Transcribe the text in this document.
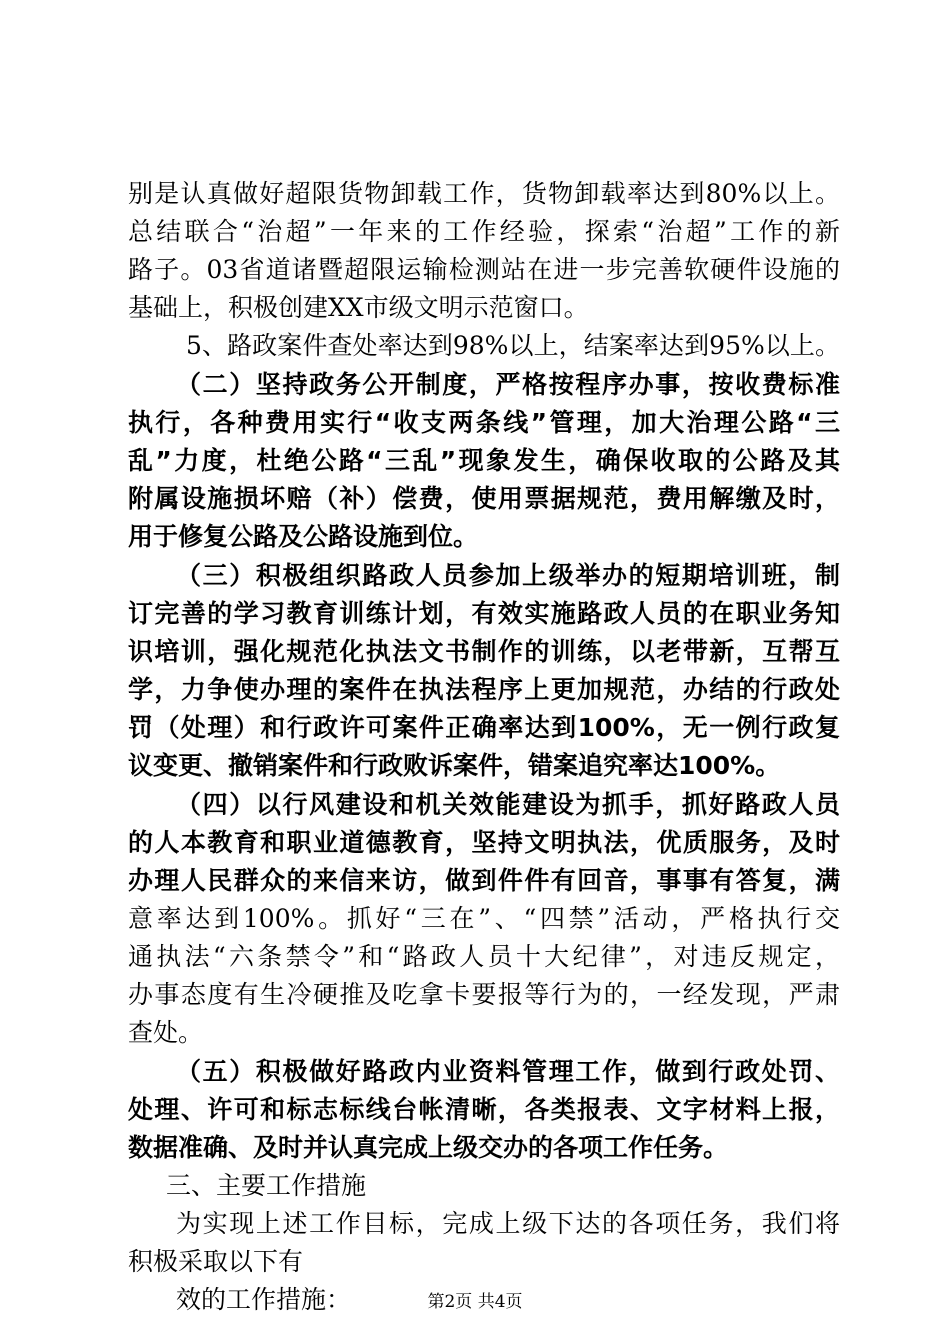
别是认真做好超限货物卸载工作，货物卸载率达到80%以上。
总结联合“治超”一年来的工作经验，探索“治超”工作的新
路子。03省道诸暨超限运输检测站在进一步完善软硬件设施的
基础上，积极创建XX市级文明示范窗口。
5、路政案件查处率达到98%以上，结案率达到95%以上。
（二）坚持政务公开制度，严格按程序办事，按收费标准
执行，各种费用实行“收支两条线”管理，加大治理公路“三
乱”力度，杜绝公路“三乱”现象发生，确保收取的公路及其
附属设施损坏赔（补）偿费，使用票据规范，费用解缴及时，
用于修复公路及公路设施到位。
（三）积极组织路政人员参加上级举办的短期培训班，制
订完善的学习教育训练计划，有效实施路政人员的在职业务知
识培训，强化规范化执法文书制作的训练，以老带新，互帮互
学，力争使办理的案件在执法程序上更加规范，办结的行政处
罚（处理）和行政许可案件正确率达到100%，无一例行政复
议变更、撤销案件和行政败诉案件，错案追究率达100%。
（四）以行风建设和机关效能建设为抓手，抓好路政人员
的人本教育和职业道德教育，坚持文明执法，优质服务，及时
办理人民群众的来信来访，做到件件有回音，事事有答复，满
意率达到100%。抓好“三在”、“四禁”活动，严格执行交
通执法“六条禁令”和“路政人员十大纪律”，对违反规定，
办事态度有生冷硬推及吃拿卡要报等行为的，一经发现，严肃
查处。
（五）积极做好路政内业资料管理工作，做到行政处罚、
处理、许可和标志标线台帐清晰，各类报表、文字材料上报，
数据准确、及时并认真完成上级交办的各项工作任务。
三、主要工作措施
为实现上述工作目标，完成上级下达的各项任务，我们将
积极采取以下有
效的工作措施：	第2页 共4页
